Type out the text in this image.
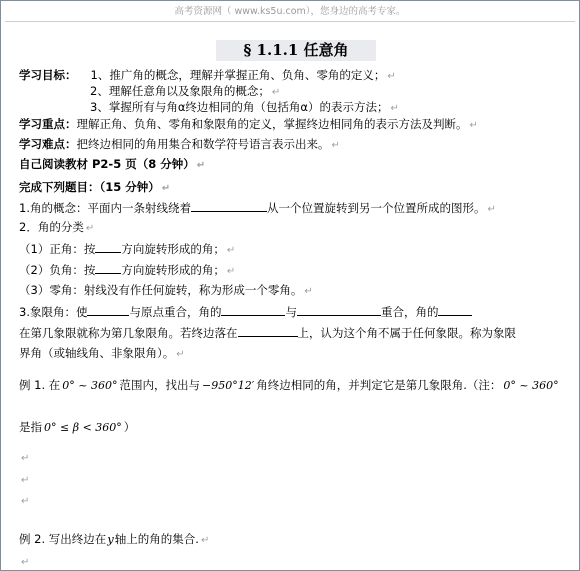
高考资源网（ www.ks5u.com），您身边的高考专家。
§ 1.1.1 任意角
学习目标： 1、推广角的概念，理解并掌握正角、负角、零角的定义； ↵
2、理解任意角以及象限角的概念； ↵
3、掌握所有与角α终边相同的角（包括角α）的表示方法； ↵
学习重点：理解正角、负角、零角和象限角的定义，掌握终边相同角的表示方法及判断。 ↵
学习难点：把终边相同的角用集合和数学符号语言表示出来。 ↵
自己阅读教材 P2-5 页（8 分钟） ↵
完成下列题目：（15 分钟） ↵
1.角的概念：平面内一条射线绕着	从一个位置旋转到另一个位置所成的图形。 ↵
2．角的分类 ↵
（1）正角：按 方向旋转形成的角； ↵
（2）负角：按 方向旋转形成的角； ↵
（3）零角：射线没有作任何旋转，称为形成一个零角。 ↵
3.象限角：使	与原点重合，角的	与	重合，角的
在第几象限就称为第几象限角。若终边落在	上，认为这个角不属于任何象限。称为象限
界角（或轴线角、非象限角）。 ↵
例 1. 在 0° ~ 360° 范围内，找出与 −950°12′ 角终边相同的角，并判定它是第几象限角.（注： 0° ~ 360°
是指 0° ≤ β < 360° ）
↵
↵
↵
例 2. 写出终边在y轴上的角的集合. ↵
↵
